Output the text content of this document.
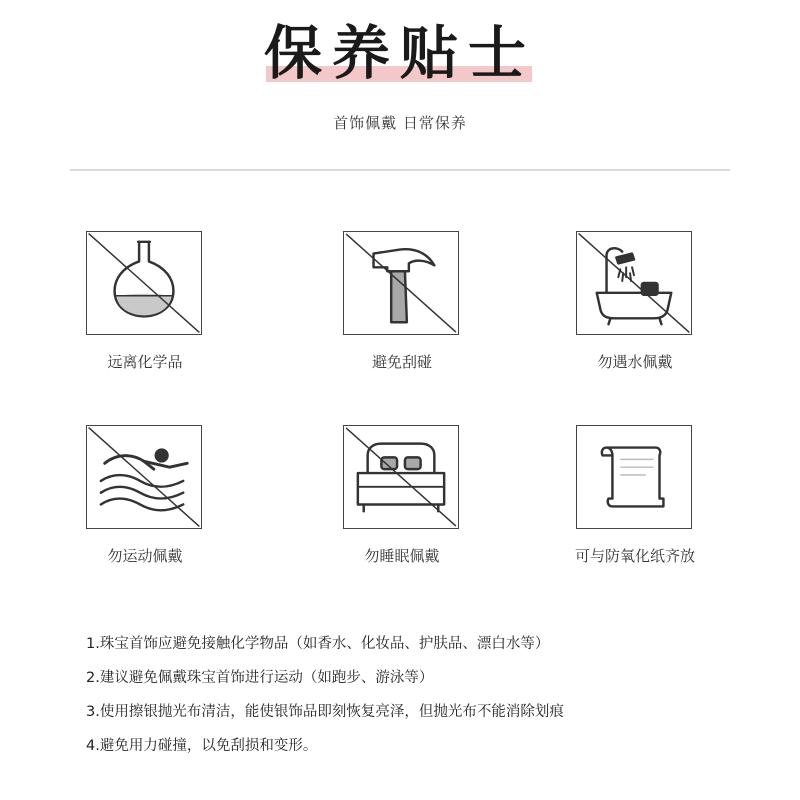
保养贴士
首饰佩戴 日常保养
远离化学品	避免刮碰	勿遇水佩戴
勿运动佩戴	勿睡眠佩戴	可与防氧化纸齐放
1.珠宝首饰应避免接触化学物品（如香水、化妆品、护肤品、漂白水等）
2.建议避免佩戴珠宝首饰进行运动（如跑步、游泳等）
3.使用擦银抛光布清洁，能使银饰品即刻恢复亮泽，但抛光布不能消除划痕
4.避免用力碰撞，以免刮损和变形。
